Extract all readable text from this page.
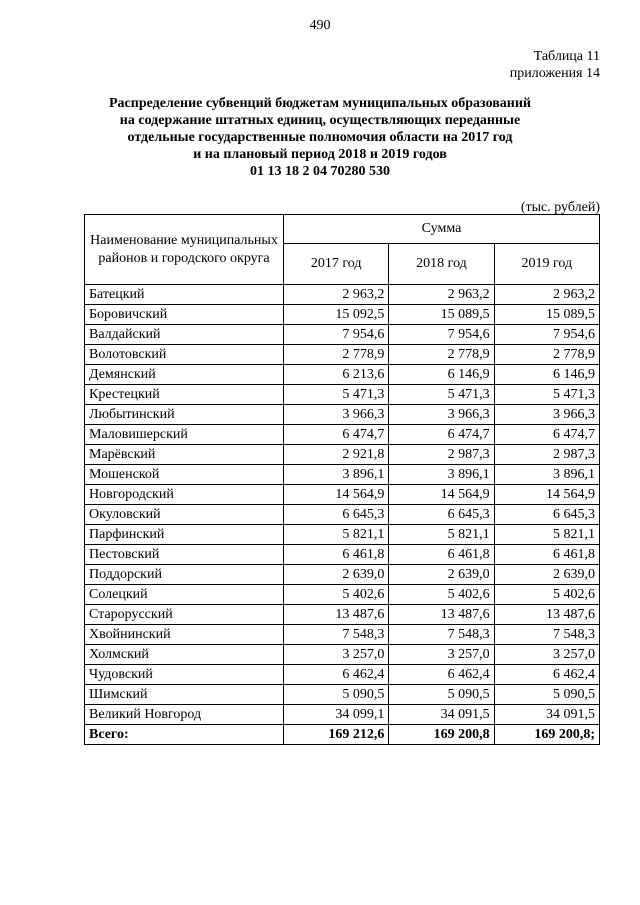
490
Таблица 11
приложения 14
Распределение субвенций бюджетам муниципальных образований
на содержание штатных единиц, осуществляющих переданные
отдельные государственные полномочия области на 2017 год
и на плановый период 2018 и 2019 годов
01 13 18 2 04 70280 530
(тыс. рублей)
Наименование муниципальных районов и городского округа	Сумма		
	2017 год	2018 год	2019 год
Батецкий	2 963,2	2 963,2	2 963,2
Боровичский	15 092,5	15 089,5	15 089,5
Валдайский	7 954,6	7 954,6	7 954,6
Волотовский	2 778,9	2 778,9	2 778,9
Демянский	6 213,6	6 146,9	6 146,9
Крестецкий	5 471,3	5 471,3	5 471,3
Любытинский	3 966,3	3 966,3	3 966,3
Маловишерский	6 474,7	6 474,7	6 474,7
Марёвский	2 921,8	2 987,3	2 987,3
Мошенской	3 896,1	3 896,1	3 896,1
Новгородский	14 564,9	14 564,9	14 564,9
Окуловский	6 645,3	6 645,3	6 645,3
Парфинский	5 821,1	5 821,1	5 821,1
Пестовский	6 461,8	6 461,8	6 461,8
Поддорский	2 639,0	2 639,0	2 639,0
Солецкий	5 402,6	5 402,6	5 402,6
Старорусский	13 487,6	13 487,6	13 487,6
Хвойнинский	7 548,3	7 548,3	7 548,3
Холмский	3 257,0	3 257,0	3 257,0
Чудовский	6 462,4	6 462,4	6 462,4
Шимский	5 090,5	5 090,5	5 090,5
Великий Новгород	34 099,1	34 091,5	34 091,5
Всего:	169 212,6	169 200,8	169 200,8;
